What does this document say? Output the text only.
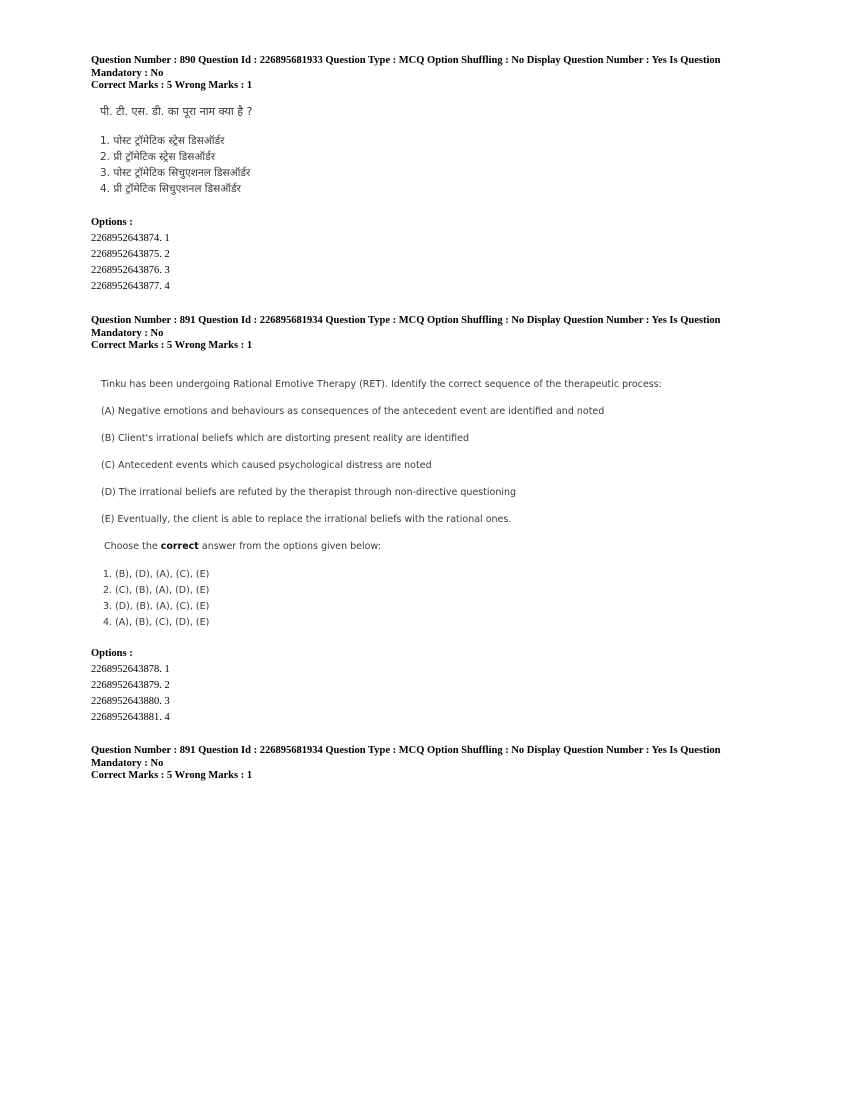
Question Number : 890 Question Id : 226895681933 Question Type : MCQ Option Shuffling : No Display Question Number : Yes Is Question
Mandatory : No
Correct Marks : 5 Wrong Marks : 1
पी. टी. एस. डी. का पूरा नाम क्या है ?
1. पोस्ट ट्रॉमेटिक स्ट्रेस डिसऑर्डर
2. प्री ट्रॉमेटिक स्ट्रेस डिसऑर्डर
3. पोस्ट ट्रॉमेटिक सिचुएशनल डिसऑर्डर
4. प्री ट्रॉमेटिक सिचुएशनल डिसऑर्डर
Options :
2268952643874. 1
2268952643875. 2
2268952643876. 3
2268952643877. 4
Question Number : 891 Question Id : 226895681934 Question Type : MCQ Option Shuffling : No Display Question Number : Yes Is Question
Mandatory : No
Correct Marks : 5 Wrong Marks : 1
Tinku has been undergoing Rational Emotive Therapy (RET). Identify the correct sequence of the therapeutic process:
(A) Negative emotions and behaviours as consequences of the antecedent event are identified and noted
(B) Client's irrational beliefs which are distorting present reality are identified
(C) Antecedent events which caused psychological distress are noted
(D) The irrational beliefs are refuted by the therapist through non-directive questioning
(E) Eventually, the client is able to replace the irrational beliefs with the rational ones.
Choose the correct answer from the options given below:
1. (B), (D), (A), (C), (E)
2. (C), (B), (A), (D), (E)
3. (D), (B), (A), (C), (E)
4. (A), (B), (C), (D), (E)
Options :
2268952643878. 1
2268952643879. 2
2268952643880. 3
2268952643881. 4
Question Number : 891 Question Id : 226895681934 Question Type : MCQ Option Shuffling : No Display Question Number : Yes Is Question
Mandatory : No
Correct Marks : 5 Wrong Marks : 1
